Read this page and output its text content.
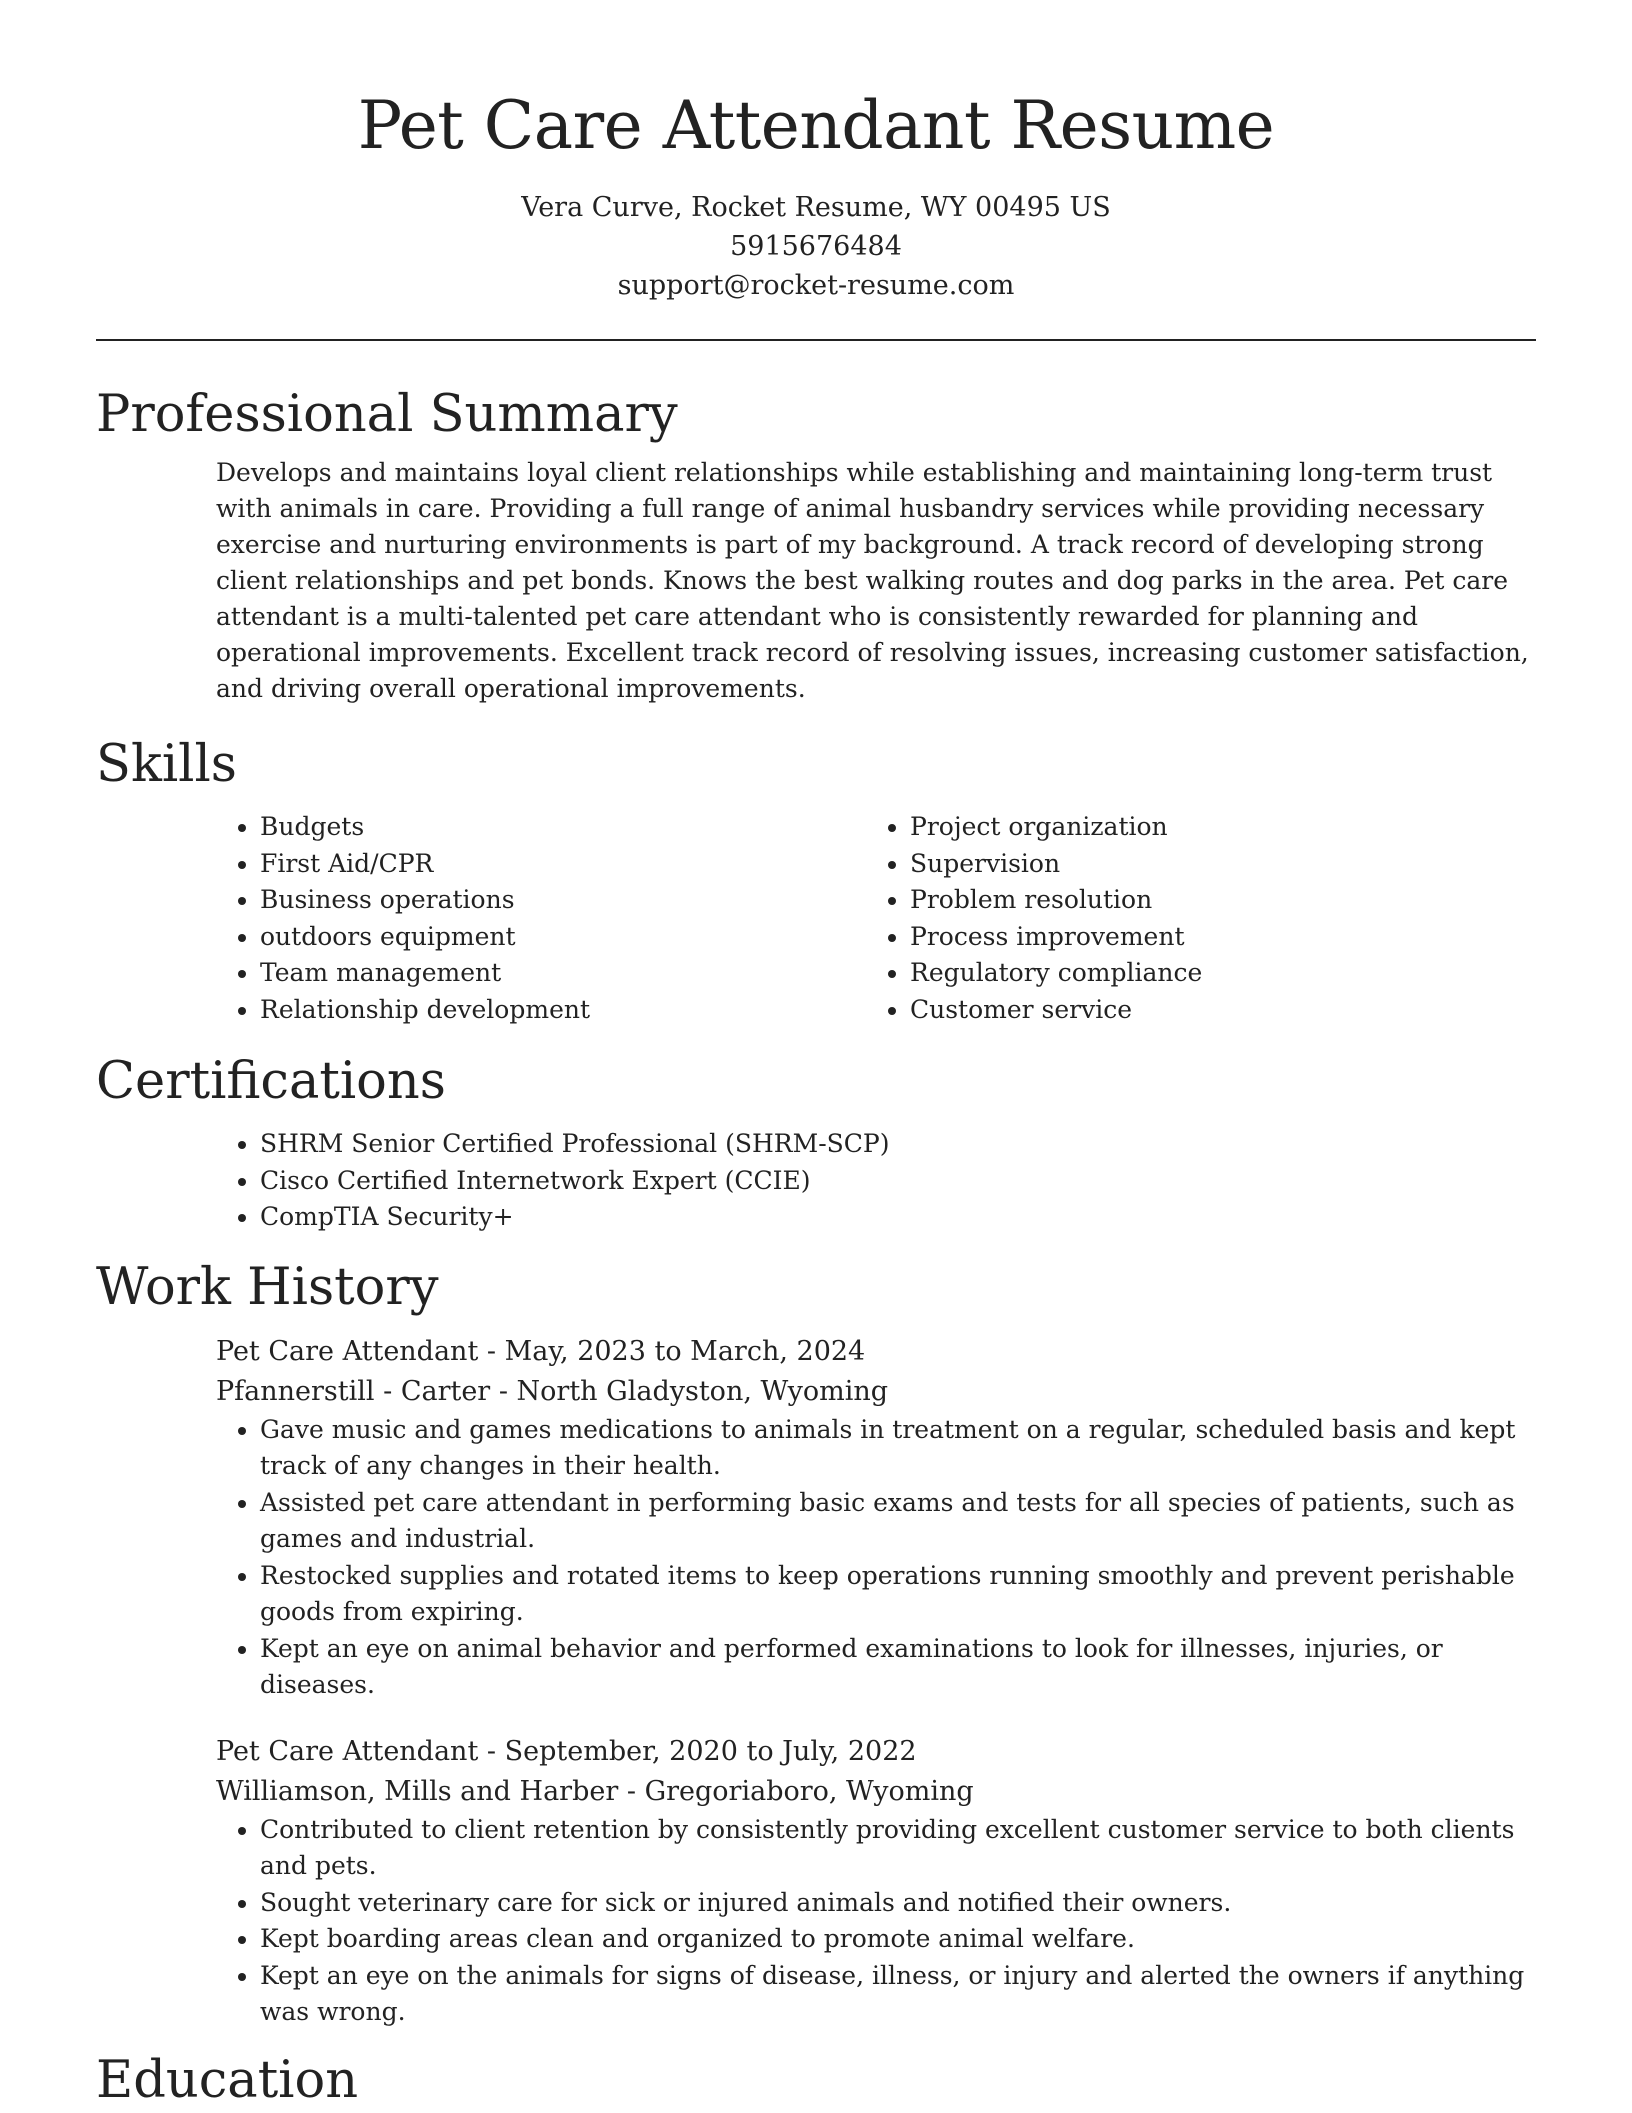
Pet Care Attendant Resume
Vera Curve, Rocket Resume, WY 00495 US
5915676484
support@rocket-resume.com
Professional Summary
Develops and maintains loyal client relationships while establishing and maintaining long-term trust with animals in care. Providing a full range of animal husbandry services while providing necessary exercise and nurturing environments is part of my background. A track record of developing strong client relationships and pet bonds. Knows the best walking routes and dog parks in the area. Pet care attendant is a multi-talented pet care attendant who is consistently rewarded for planning and operational improvements. Excellent track record of resolving issues, increasing customer satisfaction, and driving overall operational improvements.
Skills
• Budgets
• First Aid/CPR
• Business operations
• outdoors equipment
• Team management
• Relationship development
• Project organization
• Supervision
• Problem resolution
• Process improvement
• Regulatory compliance
• Customer service
Certifications
• SHRM Senior Certified Professional (SHRM-SCP)
• Cisco Certified Internetwork Expert (CCIE)
• CompTIA Security+
Work History
Pet Care Attendant - May, 2023 to March, 2024
Pfannerstill - Carter - North Gladyston, Wyoming
• Gave music and games medications to animals in treatment on a regular, scheduled basis and kept track of any changes in their health.
• Assisted pet care attendant in performing basic exams and tests for all species of patients, such as games and industrial.
• Restocked supplies and rotated items to keep operations running smoothly and prevent perishable goods from expiring.
• Kept an eye on animal behavior and performed examinations to look for illnesses, injuries, or diseases.
Pet Care Attendant - September, 2020 to July, 2022
Williamson, Mills and Harber - Gregoriaboro, Wyoming
• Contributed to client retention by consistently providing excellent customer service to both clients and pets.
• Sought veterinary care for sick or injured animals and notified their owners.
• Kept boarding areas clean and organized to promote animal welfare.
• Kept an eye on the animals for signs of disease, illness, or injury and alerted the owners if anything was wrong.
Education
